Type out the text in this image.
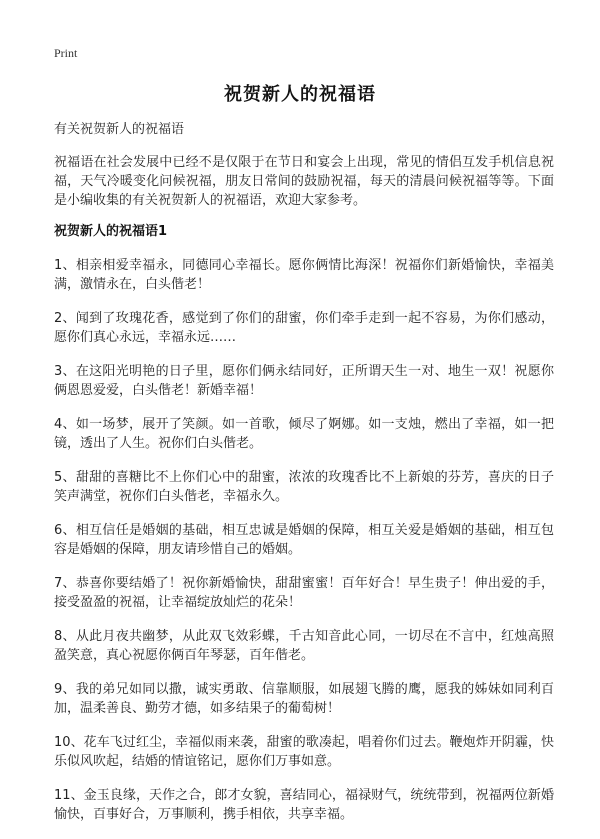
Print
祝贺新人的祝福语

有关祝贺新人的祝福语

祝福语在社会发展中已经不是仅限于在节日和宴会上出现，常见的情侣互发手机信息祝福，天气冷暖变化问候祝福，朋友日常间的鼓励祝福，每天的清晨问候祝福等等。下面是小编收集的有关祝贺新人的祝福语，欢迎大家参考。

祝贺新人的祝福语1

1、相亲相爱幸福永，同德同心幸福长。愿你俩情比海深！祝福你们新婚愉快，幸福美满，激情永在，白头偕老！
2、闻到了玫瑰花香，感觉到了你们的甜蜜，你们牵手走到一起不容易，为你们感动，愿你们真心永远，幸福永远……
3、在这阳光明艳的日子里，愿你们俩永结同好，正所谓天生一对、地生一双！祝愿你俩恩恩爱爱，白头偕老！新婚幸福！
4、如一场梦，展开了笑颜。如一首歌，倾尽了婀娜。如一支烛，燃出了幸福，如一把镜，透出了人生。祝你们白头偕老。
5、甜甜的喜糖比不上你们心中的甜蜜，浓浓的玫瑰香比不上新娘的芬芳，喜庆的日子笑声满堂，祝你们白头偕老，幸福永久。
6、相互信任是婚姻的基础，相互忠诚是婚姻的保障，相互关爱是婚姻的基础，相互包容是婚姻的保障，朋友请珍惜自己的婚姻。
7、恭喜你要结婚了！祝你新婚愉快，甜甜蜜蜜！百年好合！早生贵子！伸出爱的手，接受盈盈的祝福，让幸福绽放灿烂的花朵！
8、从此月夜共幽梦，从此双飞效彩蝶，千古知音此心同，一切尽在不言中，红烛高照盈笑意，真心祝愿你俩百年琴瑟，百年偕老。
9、我的弟兄如同以撒，诚实勇敢、信靠顺服，如展翅飞腾的鹰，愿我的姊妹如同利百加，温柔善良、勤劳才德，如多结果子的葡萄树！
10、花车飞过红尘，幸福似雨来袭，甜蜜的歌凑起，唱着你们过去。鞭炮炸开阴霾，快乐似风吹起，结婚的情谊铭记，愿你们万事如意。
11、金玉良缘，天作之合，郎才女貌，喜结同心，福禄财气，统统带到，祝福两位新婚愉快，百事好合，万事顺利，携手相依，共享幸福。
